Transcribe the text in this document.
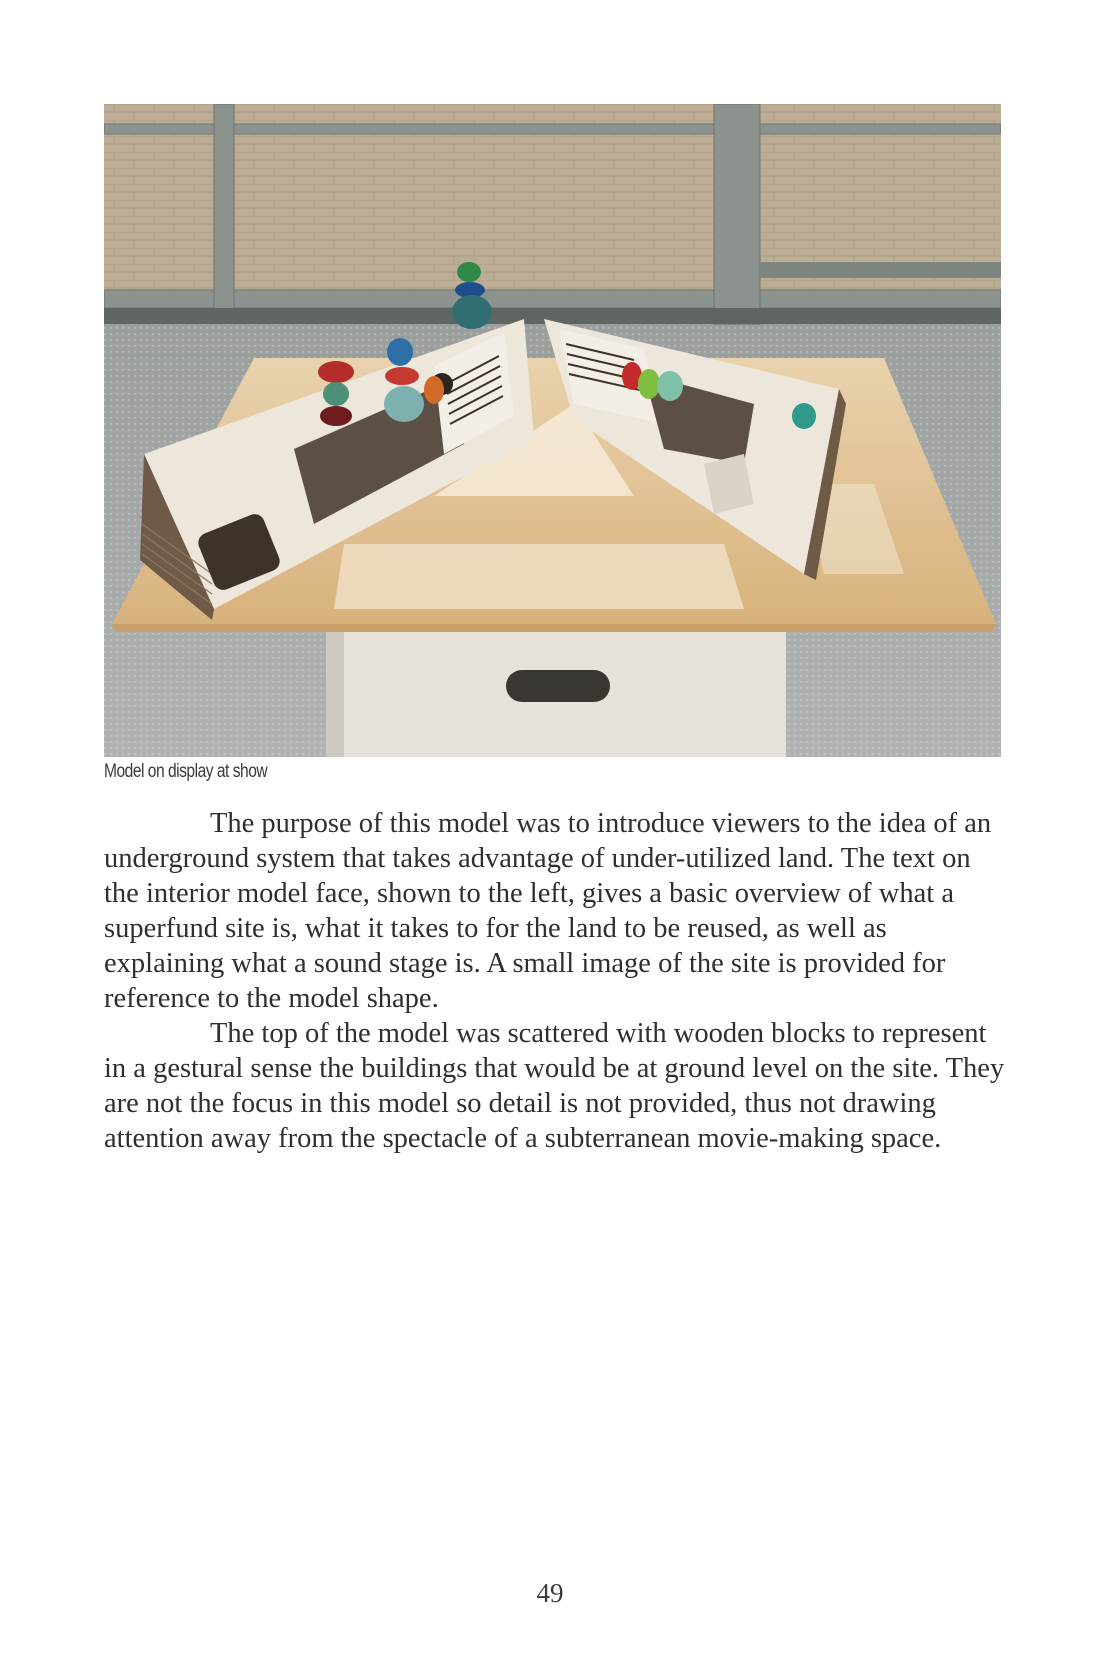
Model on display at show

The purpose of this model was to introduce viewers to the idea of an underground system that takes advantage of under-utilized land. The text on the interior model face, shown to the left, gives a basic overview of what a superfund site is, what it takes to for the land to be reused, as well as explaining what a sound stage is. A small image of the site is provided for reference to the model shape.

The top of the model was scattered with wooden blocks to represent in a gestural sense the buildings that would be at ground level on the site. They are not the focus in this model so detail is not provided, thus not drawing attention away from the spectacle of a subterranean movie-making space.

49
